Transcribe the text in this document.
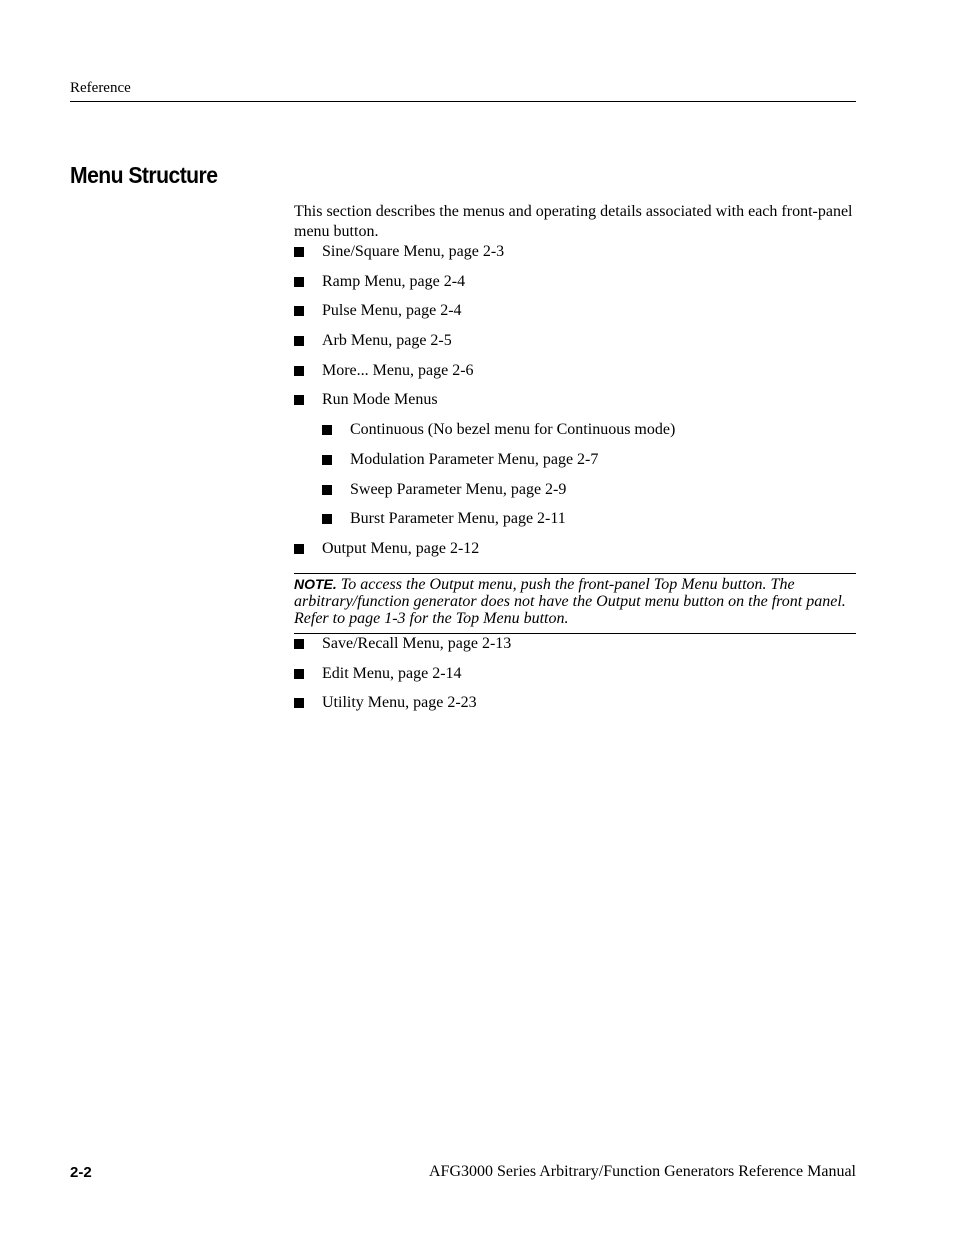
Reference
Menu Structure

This section describes the menus and operating details associated with each front-panel menu button.

Sine/Square Menu, page 2-3
Ramp Menu, page 2-4
Pulse Menu, page 2-4
Arb Menu, page 2-5
More... Menu, page 2-6
Run Mode Menus
Continuous (No bezel menu for Continuous mode)
Modulation Parameter Menu, page 2-7
Sweep Parameter Menu, page 2-9
Burst Parameter Menu, page 2-11
Output Menu, page 2-12
NOTE. To access the Output menu, push the front-panel Top Menu button. The arbitrary/function generator does not have the Output menu button on the front panel. Refer to page 1-3 for the Top Menu button.
Save/Recall Menu, page 2-13
Edit Menu, page 2-14
Utility Menu, page 2-23
2-2	AFG3000 Series Arbitrary/Function Generators Reference Manual
